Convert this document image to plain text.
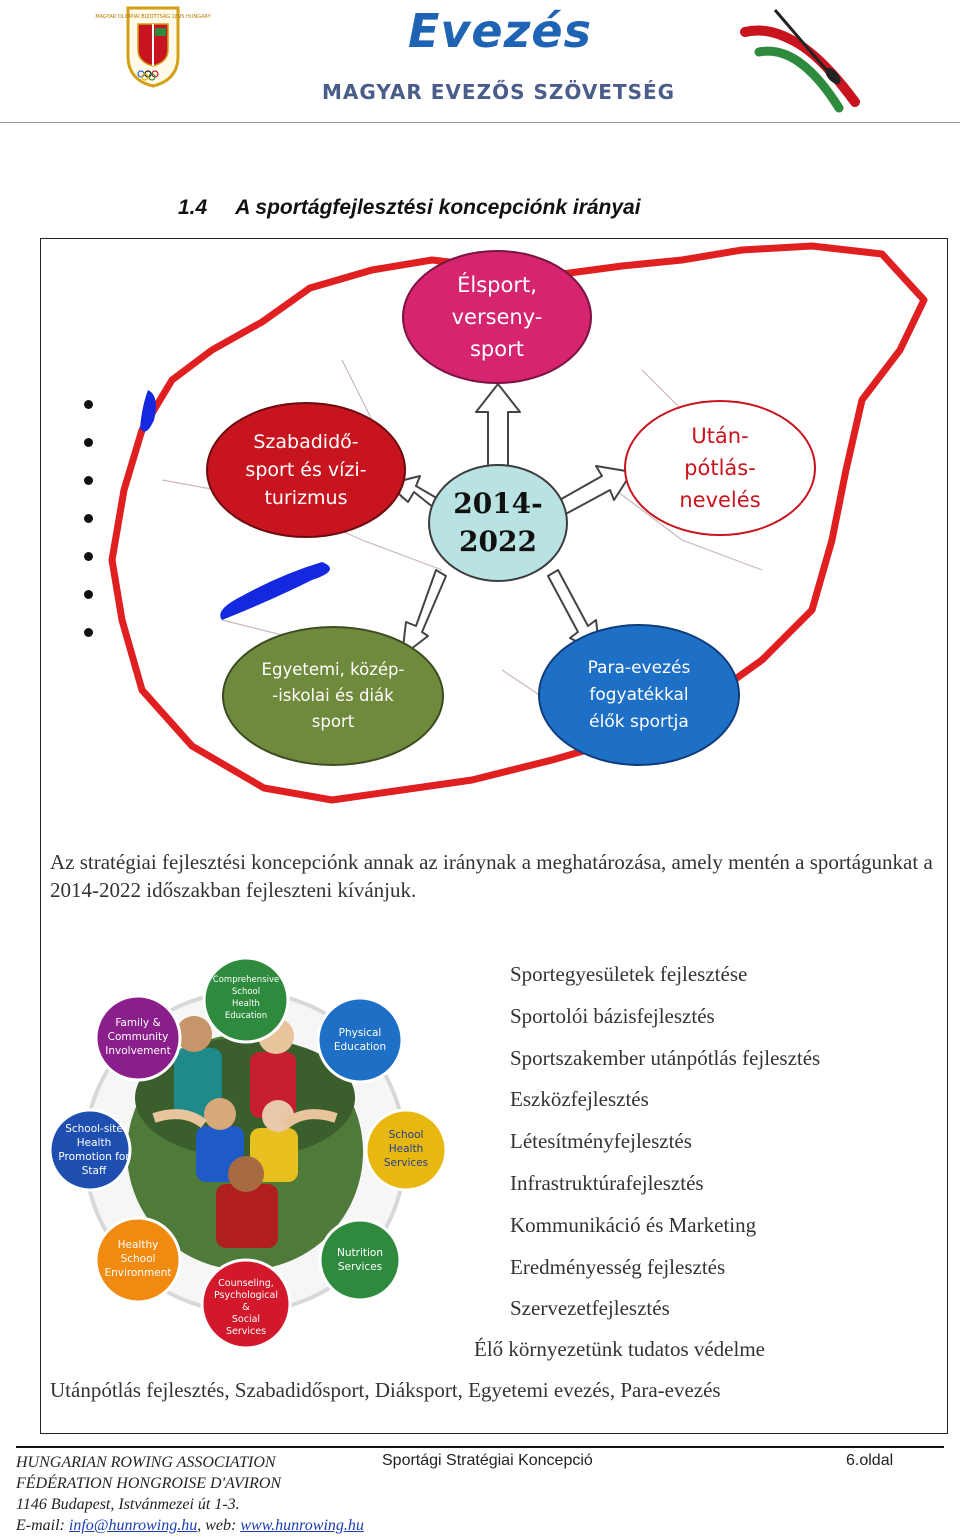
MAGYAR OLIMPIAI BIZOTTSÁG 1895 HUNGARY	Evezés
MAGYAR EVEZŐS SZÖVETSÉG
1.4 A sportágfejlesztési koncepciónk irányai
Élsport,
verseny-
sport
Szabadidő-
sport és vízi-
turizmus
Után-
pótlás-
nevelés
2014-
2022
Egyetemi, közép-
-iskolai és diák
sport
Para-evezés
fogyatékkal
élők sportja
Az stratégiai fejlesztési koncepciónk annak az iránynak a meghatározása, amely mentén a sportágunkat a 2014-2022 időszakban fejleszteni kívánjuk.
Comprehensive
School
Health
Education
Physical
Education
School
Health
Services
Nutrition
Services
Counseling,
Psychological
&
Social
Services
Healthy
School
Environment
School-site
Health
Promotion for
Staff
Family &
Community
Involvement
Sportegyesületek fejlesztése
Sportolói bázisfejlesztés
Sportszakember utánpótlás fejlesztés
Eszközfejlesztés
Létesítményfejlesztés
Infrastruktúrafejlesztés
Kommunikáció és Marketing
Eredményesség fejlesztés
Szervezetfejlesztés
Élő környezetünk tudatos védelme
Utánpótlás fejlesztés, Szabadidősport, Diáksport, Egyetemi evezés, Para-evezés
HUNGARIAN ROWING ASSOCIATION
FÉDÉRATION HONGROISE D'AVIRON
1146 Budapest, Istvánmezei út 1-3.
E-mail: info@hunrowing.hu, web: www.hunrowing.hu
Sportági Stratégiai Koncepció	6.oldal
